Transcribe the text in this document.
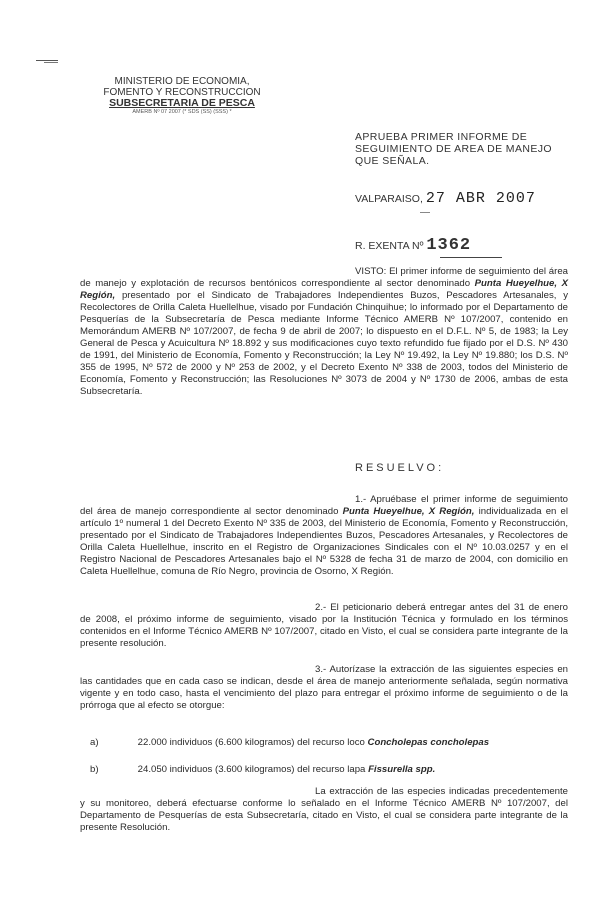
MINISTERIO DE ECONOMIA,
FOMENTO Y RECONSTRUCCION
SUBSECRETARIA DE PESCA
AMERB Nº 07 2007 (* SDS (SS) (SSS) *
APRUEBA PRIMER INFORME DE SEGUIMIENTO DE AREA DE MANEJO QUE SEÑALA.
VALPARAISO, 27 ABR 2007
R. EXENTA Nº 1362
VISTO: El primer informe de seguimiento del área de manejo y explotación de recursos bentónicos correspondiente al sector denominado Punta Hueyelhue, X Región, presentado por el Sindicato de Trabajadores Independientes Buzos, Pescadores Artesanales, y Recolectores de Orilla Caleta Huellelhue, visado por Fundación Chinquihue; lo informado por el Departamento de Pesquerías de la Subsecretaría de Pesca mediante Informe Técnico AMERB Nº 107/2007, contenido en Memorándum AMERB Nº 107/2007, de fecha 9 de abril de 2007; lo dispuesto en el D.F.L. Nº 5, de 1983; la Ley General de Pesca y Acuicultura Nº 18.892 y sus modificaciones cuyo texto refundido fue fijado por el D.S. Nº 430 de 1991, del Ministerio de Economía, Fomento y Reconstrucción; la Ley Nº 19.492, la Ley Nº 19.880; los D.S. Nº 355 de 1995, Nº 572 de 2000 y Nº 253 de 2002, y el Decreto Exento Nº 338 de 2003, todos del Ministerio de Economía, Fomento y Reconstrucción; las Resoluciones Nº 3073 de 2004 y Nº 1730 de 2006, ambas de esta Subsecretaría.
RESUELVO:
1.- Apruébase el primer informe de seguimiento del área de manejo correspondiente al sector denominado Punta Hueyelhue, X Región, individualizada en el artículo 1º numeral 1 del Decreto Exento Nº 335 de 2003, del Ministerio de Economía, Fomento y Reconstrucción, presentado por el Sindicato de Trabajadores Independientes Buzos, Pescadores Artesanales, y Recolectores de Orilla Caleta Huellelhue, inscrito en el Registro de Organizaciones Sindicales con el Nº 10.03.0257 y en el Registro Nacional de Pescadores Artesanales bajo el Nº 5328 de fecha 31 de marzo de 2004, con domicilio en Caleta Huellelhue, comuna de Río Negro, provincia de Osorno, X Región.
2.- El peticionario deberá entregar antes del 31 de enero de 2008, el próximo informe de seguimiento, visado por la Institución Técnica y formulado en los términos contenidos en el Informe Técnico AMERB Nº 107/2007, citado en Visto, el cual se considera parte integrante de la presente resolución.
3.- Autorízase la extracción de las siguientes especies en las cantidades que en cada caso se indican, desde el área de manejo anteriormente señalada, según normativa vigente y en todo caso, hasta el vencimiento del plazo para entregar el próximo informe de seguimiento o de la prórroga que al efecto se otorgue:
a)	22.000 individuos (6.600 kilogramos) del recurso loco Concholepas concholepas
b)	24.050 individuos (3.600 kilogramos) del recurso lapa Fissurella spp.
La extracción de las especies indicadas precedentemente y su monitoreo, deberá efectuarse conforme lo señalado en el Informe Técnico AMERB Nº 107/2007, del Departamento de Pesquerías de esta Subsecretaría, citado en Visto, el cual se considera parte integrante de la presente Resolución.
